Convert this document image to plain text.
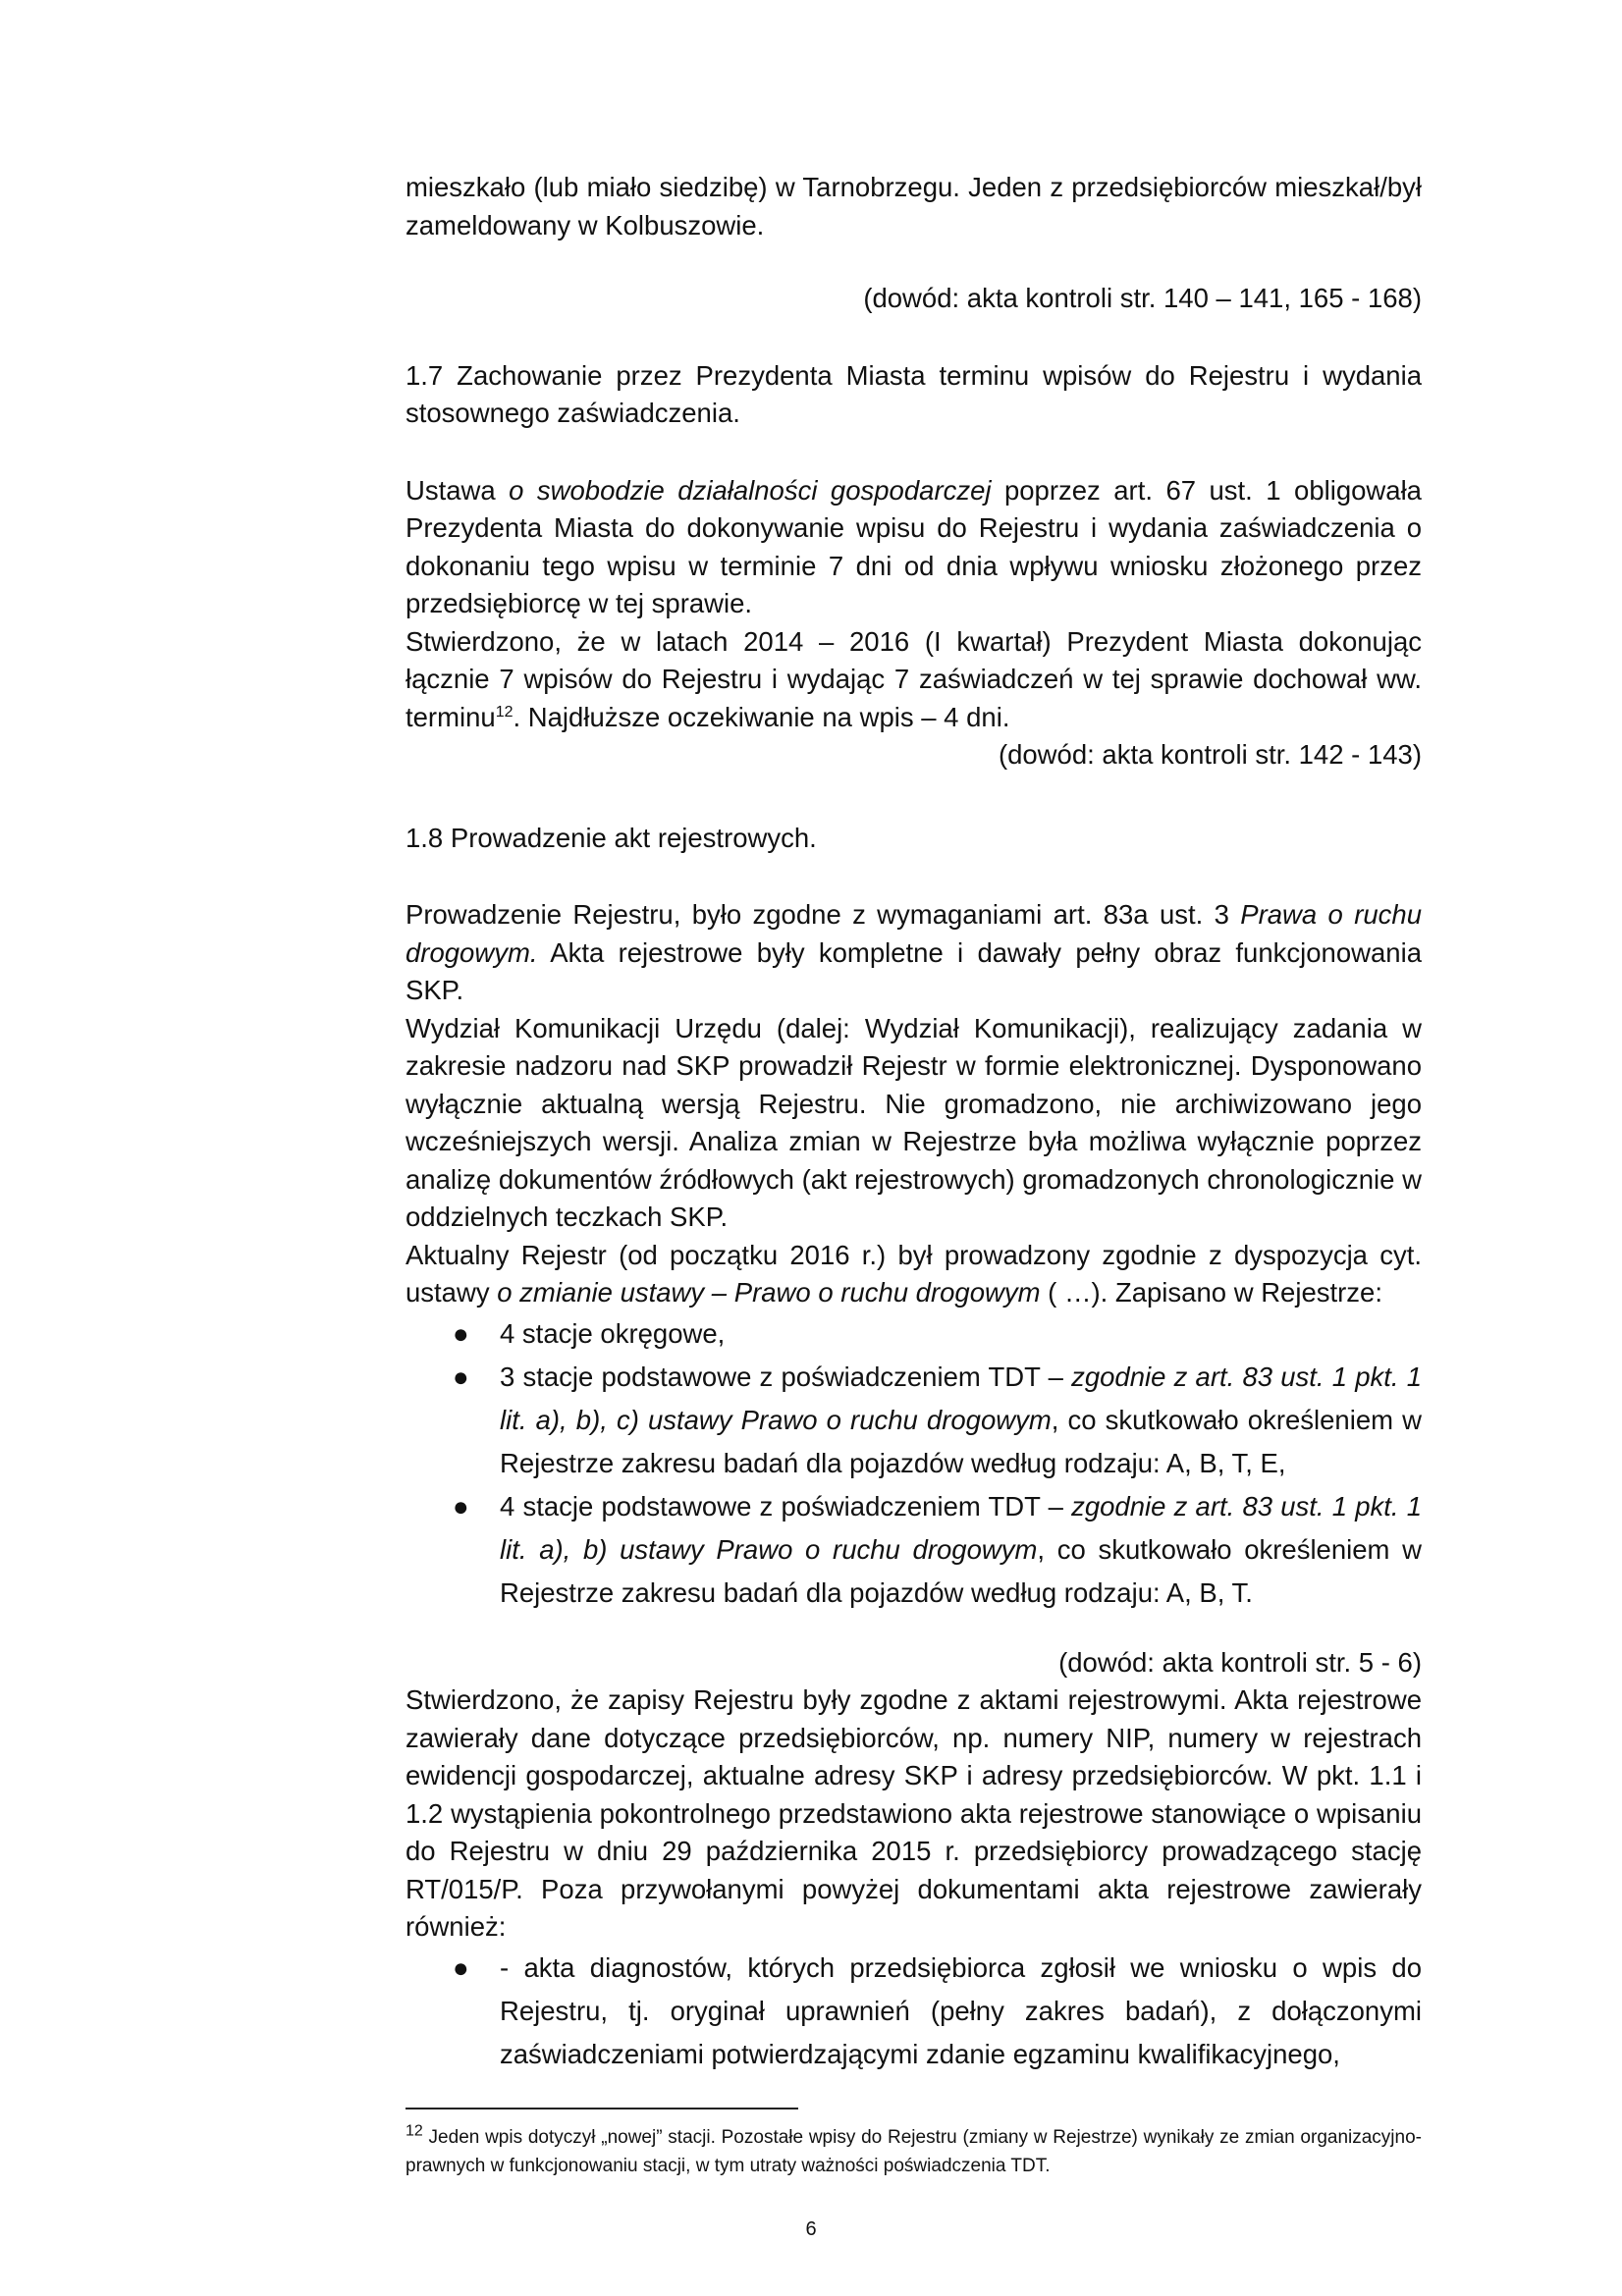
mieszkało (lub miało siedzibę) w Tarnobrzegu. Jeden z przedsiębiorców mieszkał/był zameldowany w Kolbuszowie.

(dowód: akta kontroli str. 140 – 141, 165 - 168)

1.7 Zachowanie przez Prezydenta Miasta terminu wpisów do Rejestru i wydania stosownego zaświadczenia.

Ustawa o swobodzie działalności gospodarczej poprzez art. 67 ust. 1 obligowała Prezydenta Miasta do dokonywanie wpisu do Rejestru i wydania zaświadczenia o dokonaniu tego wpisu w terminie 7 dni od dnia wpływu wniosku złożonego przez przedsiębiorcę w tej sprawie.

Stwierdzono, że w latach 2014 – 2016 (I kwartał) Prezydent Miasta dokonując łącznie 7 wpisów do Rejestru i wydając 7 zaświadczeń w tej sprawie dochował ww. terminu$^{12}$. Najdłuższe oczekiwanie na wpis – 4 dni.

(dowód: akta kontroli str. 142 - 143)

1.8 Prowadzenie akt rejestrowych.

Prowadzenie Rejestru, było zgodne z wymaganiami art. 83a ust. 3 Prawa o ruchu drogowym. Akta rejestrowe były kompletne i dawały pełny obraz funkcjonowania SKP.

Wydział Komunikacji Urzędu (dalej: Wydział Komunikacji), realizujący zadania w zakresie nadzoru nad SKP prowadził Rejestr w formie elektronicznej. Dysponowano wyłącznie aktualną wersją Rejestru. Nie gromadzono, nie archiwizowano jego wcześniejszych wersji. Analiza zmian w Rejestrze była możliwa wyłącznie poprzez analizę dokumentów źródłowych (akt rejestrowych) gromadzonych chronologicznie w oddzielnych teczkach SKP.

Aktualny Rejestr (od początku 2016 r.) był prowadzony zgodnie z dyspozycja cyt. ustawy o zmianie ustawy – Prawo o ruchu drogowym ( …). Zapisano w Rejestrze:

● 4 stacje okręgowe,
● 3 stacje podstawowe z poświadczeniem TDT – zgodnie z art. 83 ust. 1 pkt. 1 lit. a), b), c) ustawy Prawo o ruchu drogowym, co skutkowało określeniem w Rejestrze zakresu badań dla pojazdów według rodzaju: A, B, T, E,
● 4 stacje podstawowe z poświadczeniem TDT – zgodnie z art. 83 ust. 1 pkt. 1 lit. a), b) ustawy Prawo o ruchu drogowym, co skutkowało określeniem w Rejestrze zakresu badań dla pojazdów według rodzaju: A, B, T.

(dowód: akta kontroli str. 5 - 6)

Stwierdzono, że zapisy Rejestru były zgodne z aktami rejestrowymi. Akta rejestrowe zawierały dane dotyczące przedsiębiorców, np. numery NIP, numery w rejestrach ewidencji gospodarczej, aktualne adresy SKP i adresy przedsiębiorców. W pkt. 1.1 i 1.2 wystąpienia pokontrolnego przedstawiono akta rejestrowe stanowiące o wpisaniu do Rejestru w dniu 29 października 2015 r. przedsiębiorcy prowadzącego stację RT/015/P. Poza przywołanymi powyżej dokumentami akta rejestrowe zawierały również:

● - akta diagnostów, których przedsiębiorca zgłosił we wniosku o wpis do Rejestru, tj. oryginał uprawnień (pełny zakres badań), z dołączonymi zaświadczeniami potwierdzającymi zdanie egzaminu kwalifikacyjnego,
$^{12}$ Jeden wpis dotyczył „nowej” stacji. Pozostałe wpisy do Rejestru (zmiany w Rejestrze) wynikały ze zmian organizacyjno-prawnych w funkcjonowaniu stacji, w tym utraty ważności poświadczenia TDT.
6
